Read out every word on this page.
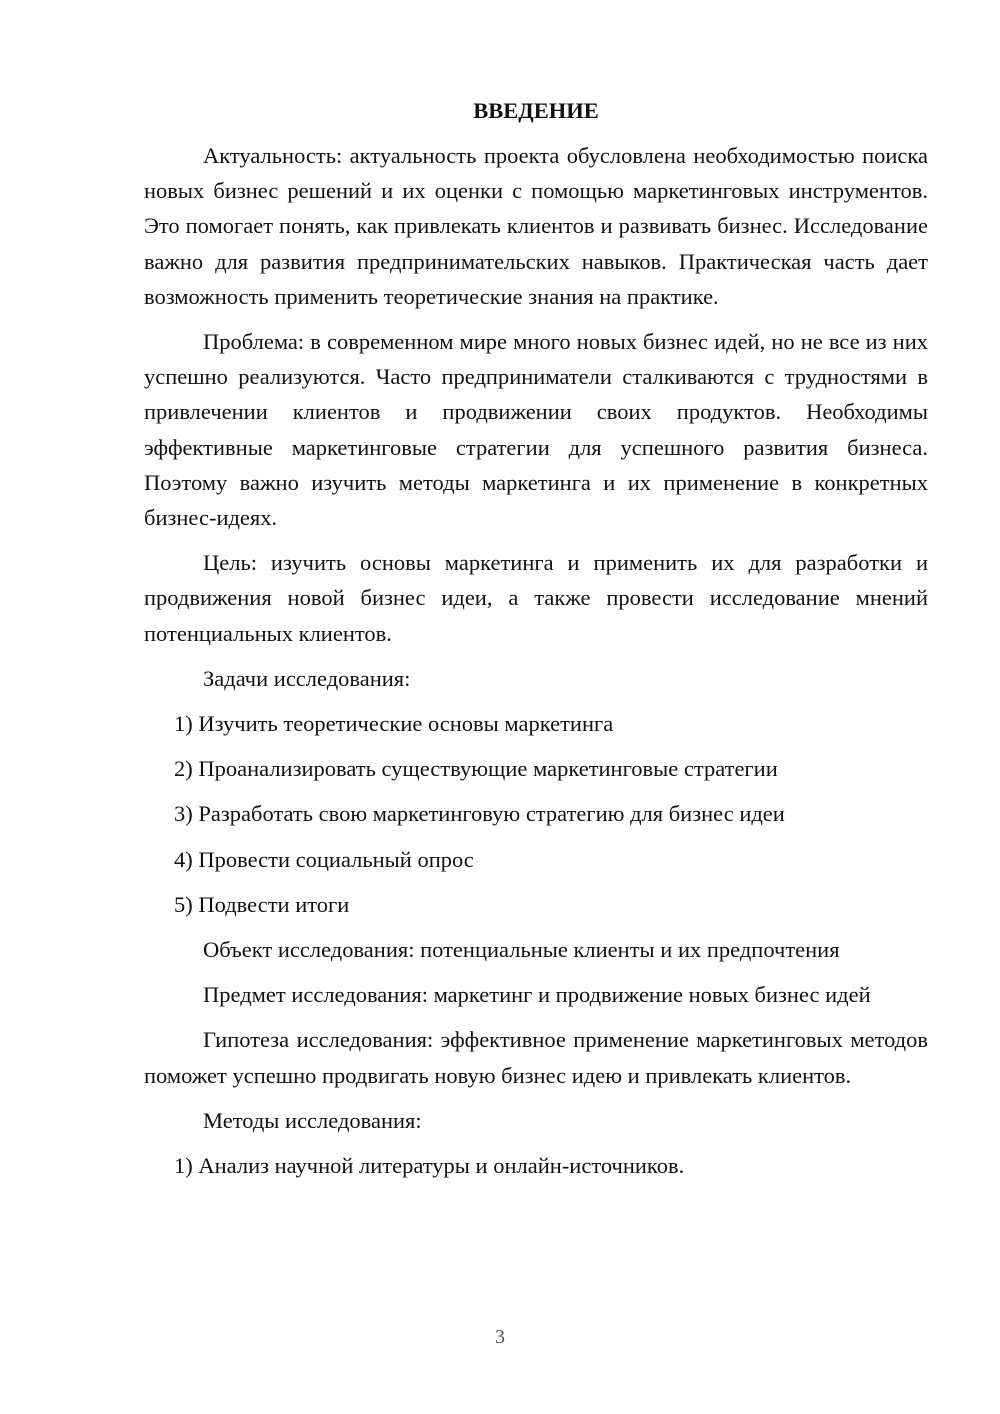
ВВЕДЕНИЕ

Актуальность: актуальность проекта обусловлена необходимостью поиска новых бизнес решений и их оценки с помощью маркетинговых инструментов. Это помогает понять, как привлекать клиентов и развивать бизнес. Исследование важно для развития предпринимательских навыков. Практическая часть дает возможность применить теоретические знания на практике.

Проблема: в современном мире много новых бизнес идей, но не все из них успешно реализуются. Часто предприниматели сталкиваются с трудностями в привлечении клиентов и продвижении своих продуктов. Необходимы эффективные маркетинговые стратегии для успешного развития бизнеса. Поэтому важно изучить методы маркетинга и их применение в конкретных бизнес-идеях.

Цель: изучить основы маркетинга и применить их для разработки и продвижения новой бизнес идеи, а также провести исследование мнений потенциальных клиентов.

Задачи исследования:

1) Изучить теоретические основы маркетинга

2) Проанализировать существующие маркетинговые стратегии

3) Разработать свою маркетинговую стратегию для бизнес идеи

4) Провести социальный опрос

5) Подвести итоги

Объект исследования: потенциальные клиенты и их предпочтения

Предмет исследования: маркетинг и продвижение новых бизнес идей

Гипотеза исследования: эффективное применение маркетинговых методов поможет успешно продвигать новую бизнес идею и привлекать клиентов.

Методы исследования:

1) Анализ научной литературы и онлайн-источников.

3
